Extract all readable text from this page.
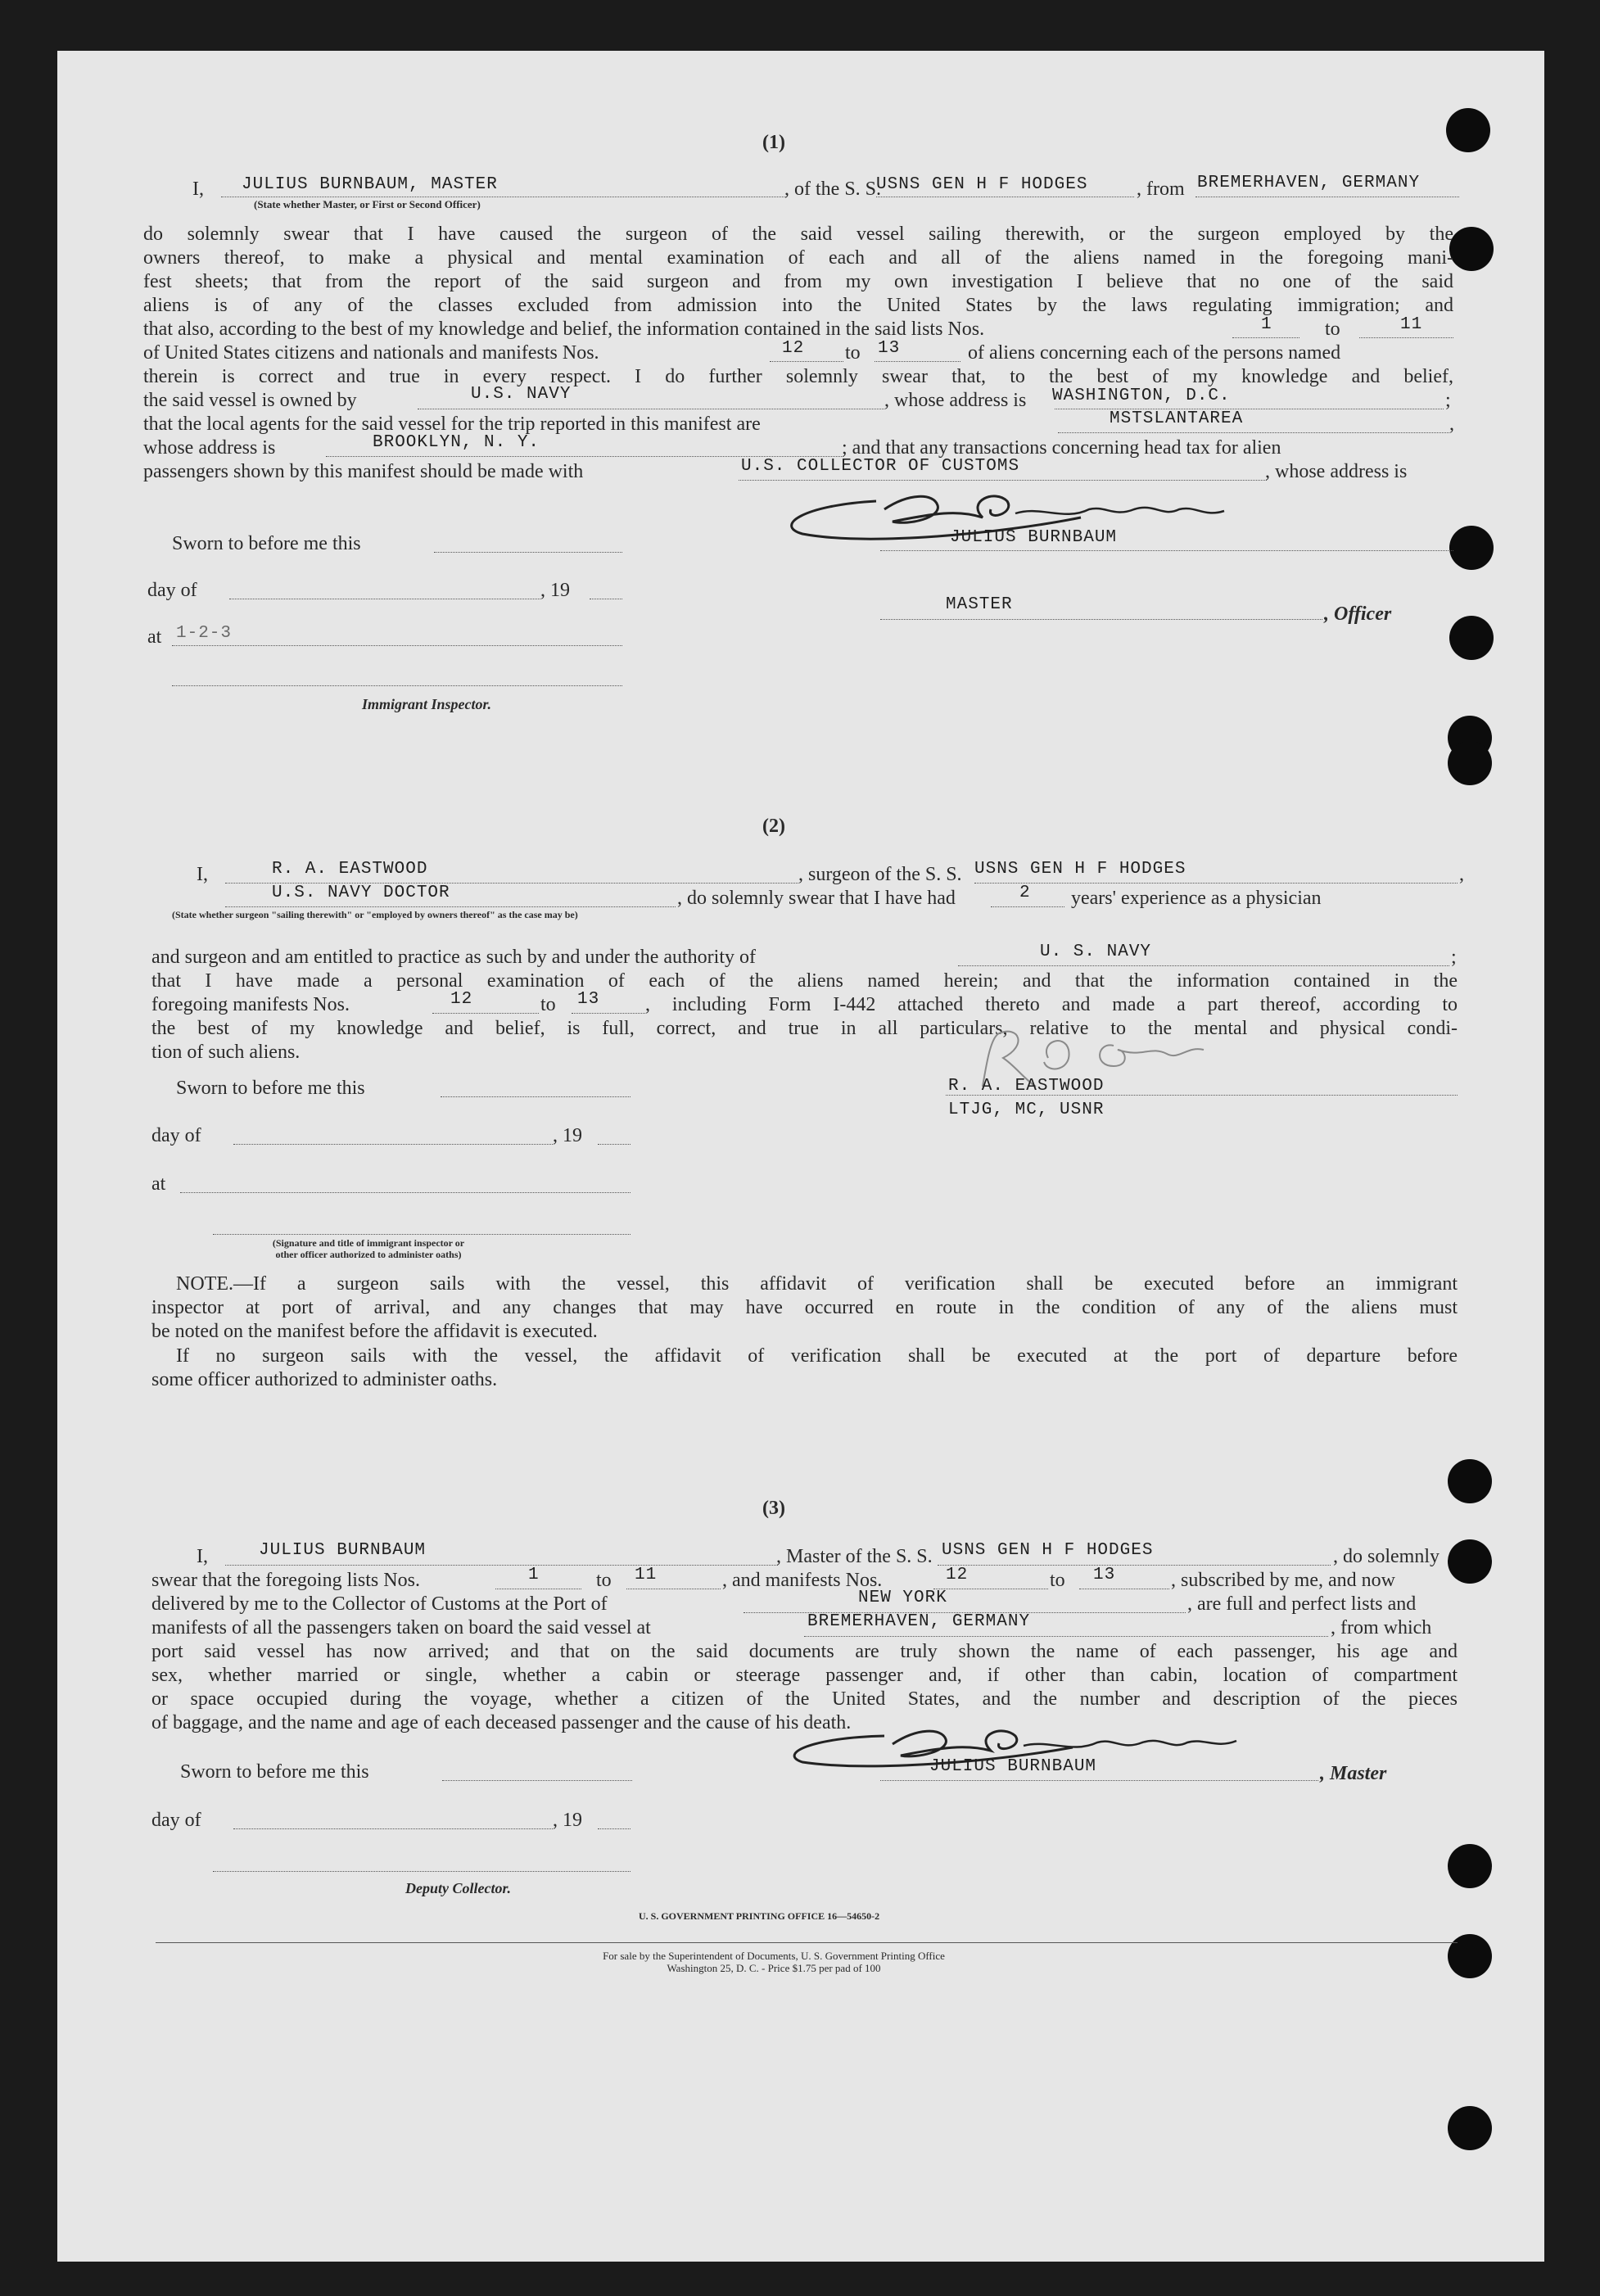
(1)
I, JULIUS BURNBAUM, MASTER	, of the S. S.
USNS GEN H F HODGES , from BREMERHAVEN, GERMANY
(State whether Master, or First or Second Officer)
do solemnly swear that I have caused the surgeon of the said vessel sailing therewith, or the surgeon employed by the
owners thereof, to make a physical and mental examination of each and all of the aliens named in the foregoing mani-
fest sheets; that from the report of the said surgeon and from my own investigation I believe that no one of the said
aliens is of any of the classes excluded from admission into the United States by the laws regulating immigration; and
that also, according to the best of my knowledge and belief, the information contained in the said lists Nos.	1	to	11
of United States citizens and nationals and manifests Nos.	12 to 13	of aliens concerning each of the persons named
therein is correct and true in every respect. I do further solemnly swear that, to the best of my knowledge and belief,
the said vessel is owned by	U.S. NAVY	, whose address is WASHINGTON, D.C.	;
that the local agents for the said vessel for the trip reported in this manifest are	MSTSLANTAREA	,
whose address is	BROOKLYN, N. Y.	; and that any transactions concerning head tax for alien
passengers shown by this manifest should be made with	U.S. COLLECTOR OF CUSTOMS	, whose address is
JULIUS BURNBAUM
Sworn to before me this
day of	, 19
MASTER	, Officer
at 1-2-3
Immigrant Inspector.
(2)
I,	R. A. EASTWOOD	, surgeon of the S. S. USNS GEN H F HODGES	,
U.S. NAVY DOCTOR	, do solemnly swear that I have had	2 years' experience as a physician
(State whether surgeon "sailing therewith" or "employed by owners thereof" as the case may be)
and surgeon and am entitled to practice as such by and under the authority of	U. S. NAVY	;
that I have made a personal examination of each of the aliens named herein; and that the information contained in the
foregoing manifests Nos.	12	to 13 , including Form I-442 attached thereto and made a part thereof, according to
the best of my knowledge and belief, is full, correct, and true in all particulars, relative to the mental and physical condi-
tion of such aliens.
Sworn to before me this	R. A. EASTWOOD
LTJG, MC, USNR
day of	, 19
at
(Signature and title of immigrant inspector or
other officer authorized to administer oaths)
NOTE.—If a surgeon sails with the vessel, this affidavit of verification shall be executed before an immigrant
inspector at port of arrival, and any changes that may have occurred en route in the condition of any of the aliens must
be noted on the manifest before the affidavit is executed.
If no surgeon sails with the vessel, the affidavit of verification shall be executed at the port of departure before
some officer authorized to administer oaths.
(3)
I,	JULIUS BURNBAUM	, Master of the S. S. USNS GEN H F HODGES	, do solemnly
swear that the foregoing lists Nos.	1	to 11	, and manifests Nos.	12	to 13	, subscribed by me, and now
delivered by me to the Collector of Customs at the Port of	NEW YORK	, are full and perfect lists and
manifests of all the passengers taken on board the said vessel at	BREMERHAVEN, GERMANY	, from which
port said vessel has now arrived; and that on the said documents are truly shown the name of each passenger, his age and
sex, whether married or single, whether a cabin or steerage passenger and, if other than cabin, location of compartment
or space occupied during the voyage, whether a citizen of the United States, and the number and description of the pieces
of baggage, and the name and age of each deceased passenger and the cause of his death.
Sworn to before me this	JULIUS BURNBAUM	, Master
day of	, 19
Deputy Collector.
U. S. GOVERNMENT PRINTING OFFICE 16—54650-2
For sale by the Superintendent of Documents, U. S. Government Printing Office
Washington 25, D. C. - Price $1.75 per pad of 100
